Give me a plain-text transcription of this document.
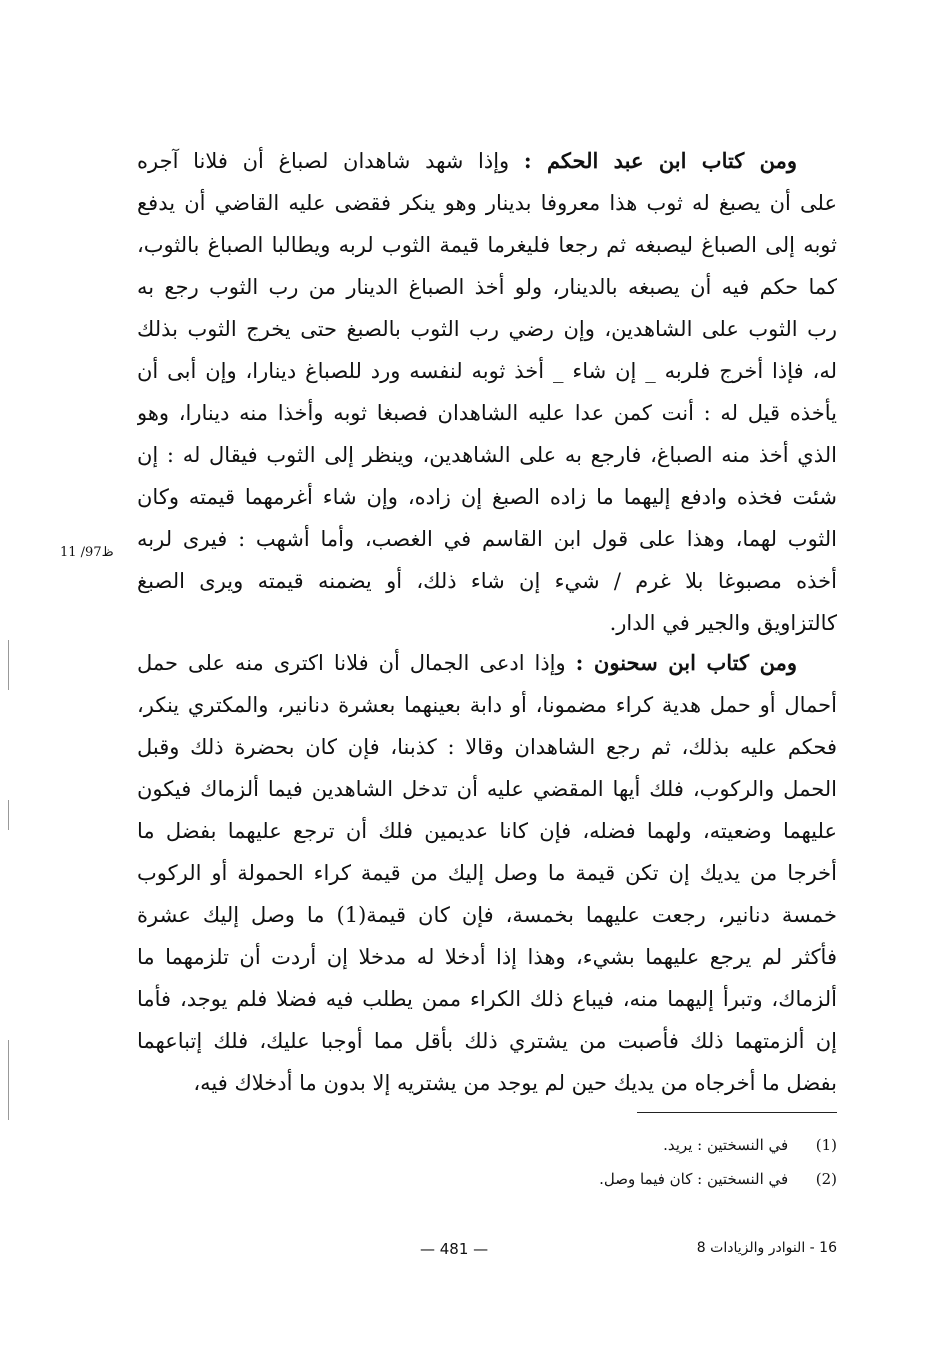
ومن كتاب ابن عبد الحكم : وإذا شهد شاهدان لصباغ أن فلانا آجره
على أن يصبغ له ثوب هذا معروفا بدينار وهو ينكر فقضى عليه القاضي أن يدفع
ثوبه إلى الصباغ ليصبغه ثم رجعا فليغرما قيمة الثوب لربه ويطالبا الصباغ بالثوب،
كما حكم فيه أن يصبغه بالدينار، ولو أخذ الصباغ الدينار من رب الثوب رجع به
رب الثوب على الشاهدين، وإن رضي رب الثوب بالصبغ حتى يخرج الثوب بذلك
له، فإذا أخرج فلربه _ إن شاء _ أخذ ثوبه لنفسه ورد للصباغ دينارا، وإن أبى أن
يأخذه قيل له : أنت كمن عدا عليه الشاهدان فصبغا ثوبه وأخذا منه دينارا، وهو
الذي أخذ منه الصباغ، فارجع به على الشاهدين، وينظر إلى الثوب فيقال له : إن
شئت فخذه وادفع إليهما ما زاده الصبغ إن زاده، وإن شاء أغرمهما قيمته وكان
الثوب لهما، وهذا على قول ابن القاسم في الغصب، وأما أشهب : فيرى لربه
أخذه مصبوغا بلا غرم / شيء إن شاء ذلك، أو يضمنه قيمته ويرى الصبغ
كالتزاويق والجير في الدار.
ومن كتاب ابن سحنون : وإذا ادعى الجمال أن فلانا اكترى منه على حمل
أحمال أو حمل هدية كراء مضمونا، أو دابة بعينهما بعشرة دنانير، والمكتري ينكر،
فحكم عليه بذلك، ثم رجع الشاهدان وقالا : كذبنا، فإن كان بحضرة ذلك وقبل
الحمل والركوب، فلك أيها المقضي عليه أن تدخل الشاهدين فيما ألزماك فيكون
عليهما وضعيته، ولهما فضله، فإن كانا عديمين فلك أن ترجع عليهما بفضل ما
أخرجا من يديك إن تكن قيمة ما وصل إليك من قيمة كراء الحمولة أو الركوب
خمسة دنانير، رجعت عليهما بخمسة، فإن كان قيمة(1) ما وصل إليك عشرة
فأكثر لم يرجع عليهما بشيء، وهذا إذا أدخلا له مدخلا إن أردت أن تلزمهما ما
ألزماك، وتبرأ إليهما منه، فيباع ذلك الكراء ممن يطلب فيه فضلا فلم يوجد، فأما
إن ألزمتهما ذلك فأصبت من يشتري ذلك بأقل مما أوجبا عليك، فلك إتباعهما
بفضل ما أخرجاه من يديك حين لم يوجد من يشتريه إلا بدون ما أدخلاك فيه،
11 /97ظ
(1) في النسختين : يريد.
(2) في النسختين : كان فيما وصل.
— 481 —	16 - النوادر والزيادات 8
